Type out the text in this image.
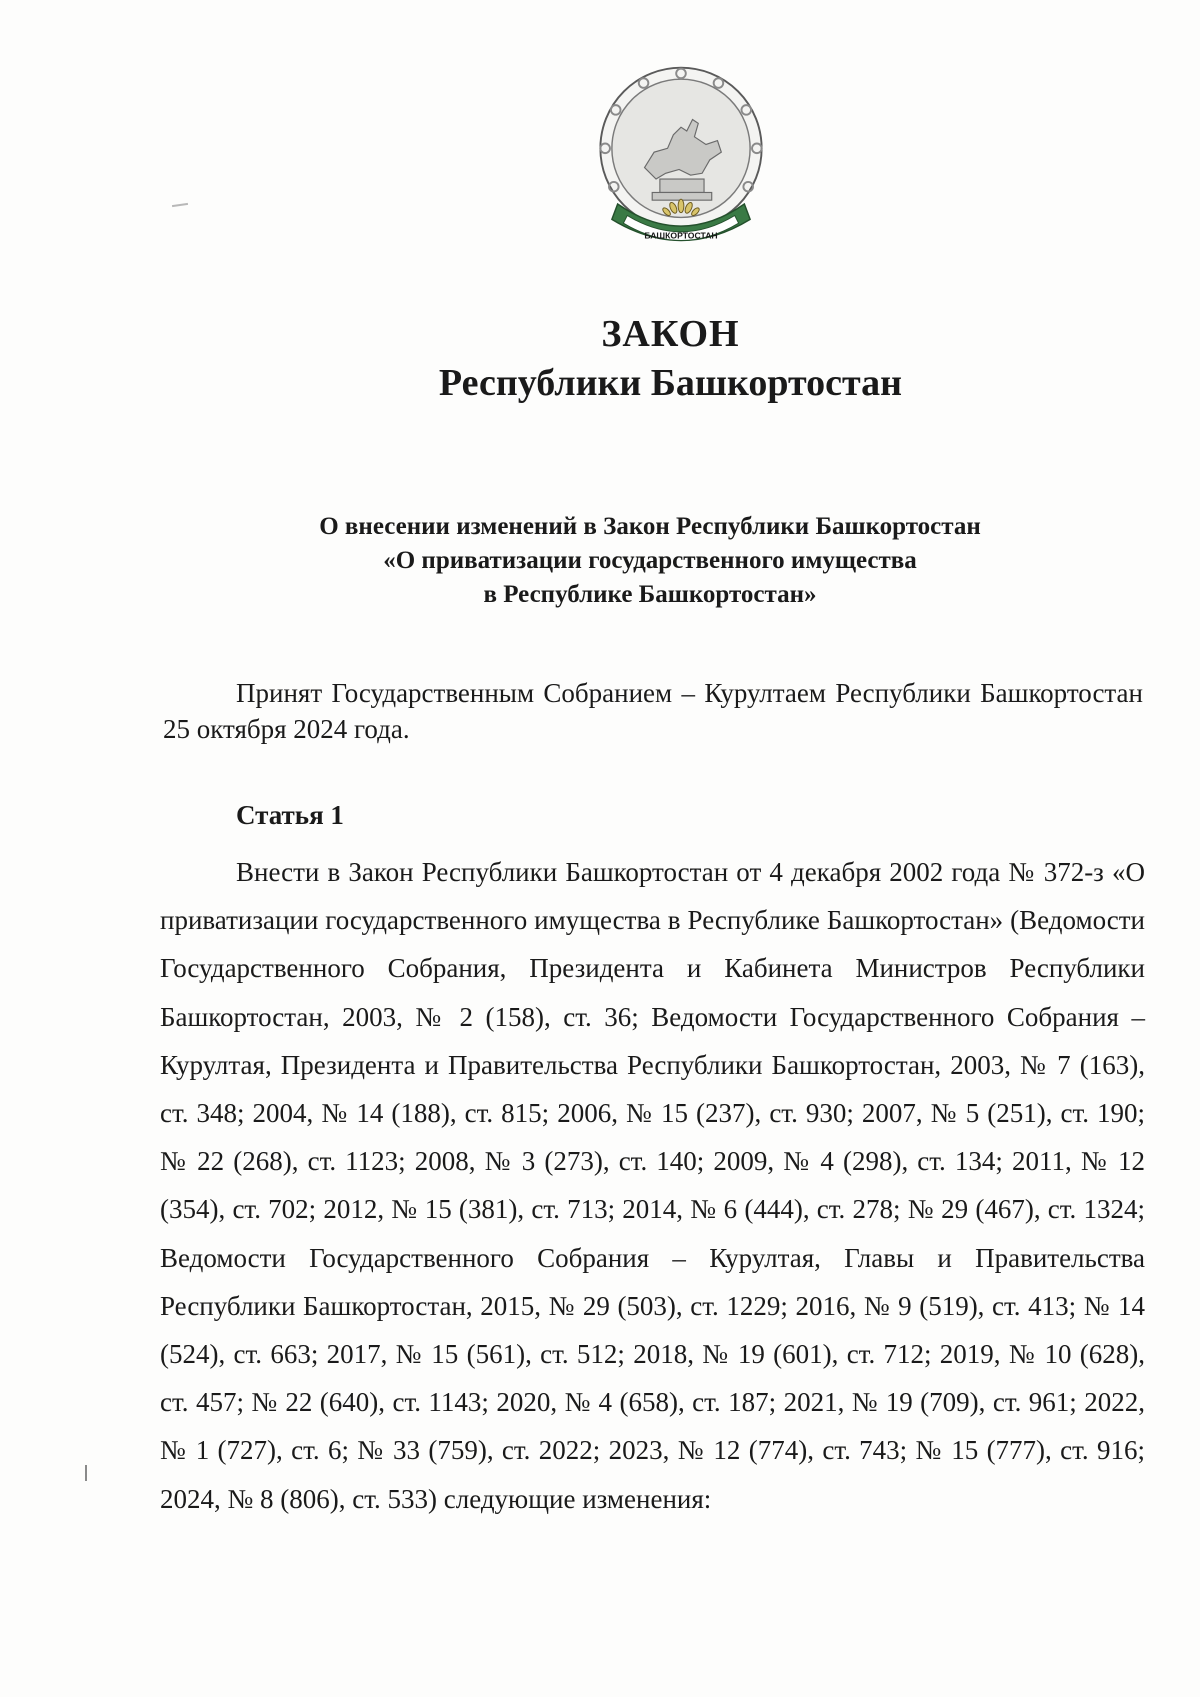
БАШКОРТОСТАН
ЗАКОН
Республики Башкортостан
О внесении изменений в Закон Республики Башкортостан
«О приватизации государственного имущества
в Республике Башкортостан»

Принят Государственным Собранием – Курултаем Республики Башкортостан 25 октября 2024 года.

Статья 1

Внести в Закон Республики Башкортостан от 4 декабря 2002 года № 372-з «О приватизации государственного имущества в Республике Башкортостан» (Ведомости Государственного Собрания, Президента и Кабинета Министров Республики Башкортостан, 2003, № 2 (158), ст. 36; Ведомости Государственного Собрания – Курултая, Президента и Правительства Республики Башкортостан, 2003, № 7 (163), ст. 348; 2004, № 14 (188), ст. 815; 2006, № 15 (237), ст. 930; 2007, № 5 (251), ст. 190; № 22 (268), ст. 1123; 2008, № 3 (273), ст. 140; 2009, № 4 (298), ст. 134; 2011, № 12 (354), ст. 702; 2012, № 15 (381), ст. 713; 2014, № 6 (444), ст. 278; № 29 (467), ст. 1324; Ведомости Государственного Собрания – Курултая, Главы и Правительства Республики Башкортостан, 2015, № 29 (503), ст. 1229; 2016, № 9 (519), ст. 413; № 14 (524), ст. 663; 2017, № 15 (561), ст. 512; 2018, № 19 (601), ст. 712; 2019, № 10 (628), ст. 457; № 22 (640), ст. 1143; 2020, № 4 (658), ст. 187; 2021, № 19 (709), ст. 961; 2022, № 1 (727), ст. 6; № 33 (759), ст. 2022; 2023, № 12 (774), ст. 743; № 15 (777), ст. 916; 2024, № 8 (806), ст. 533) следующие изменения:
